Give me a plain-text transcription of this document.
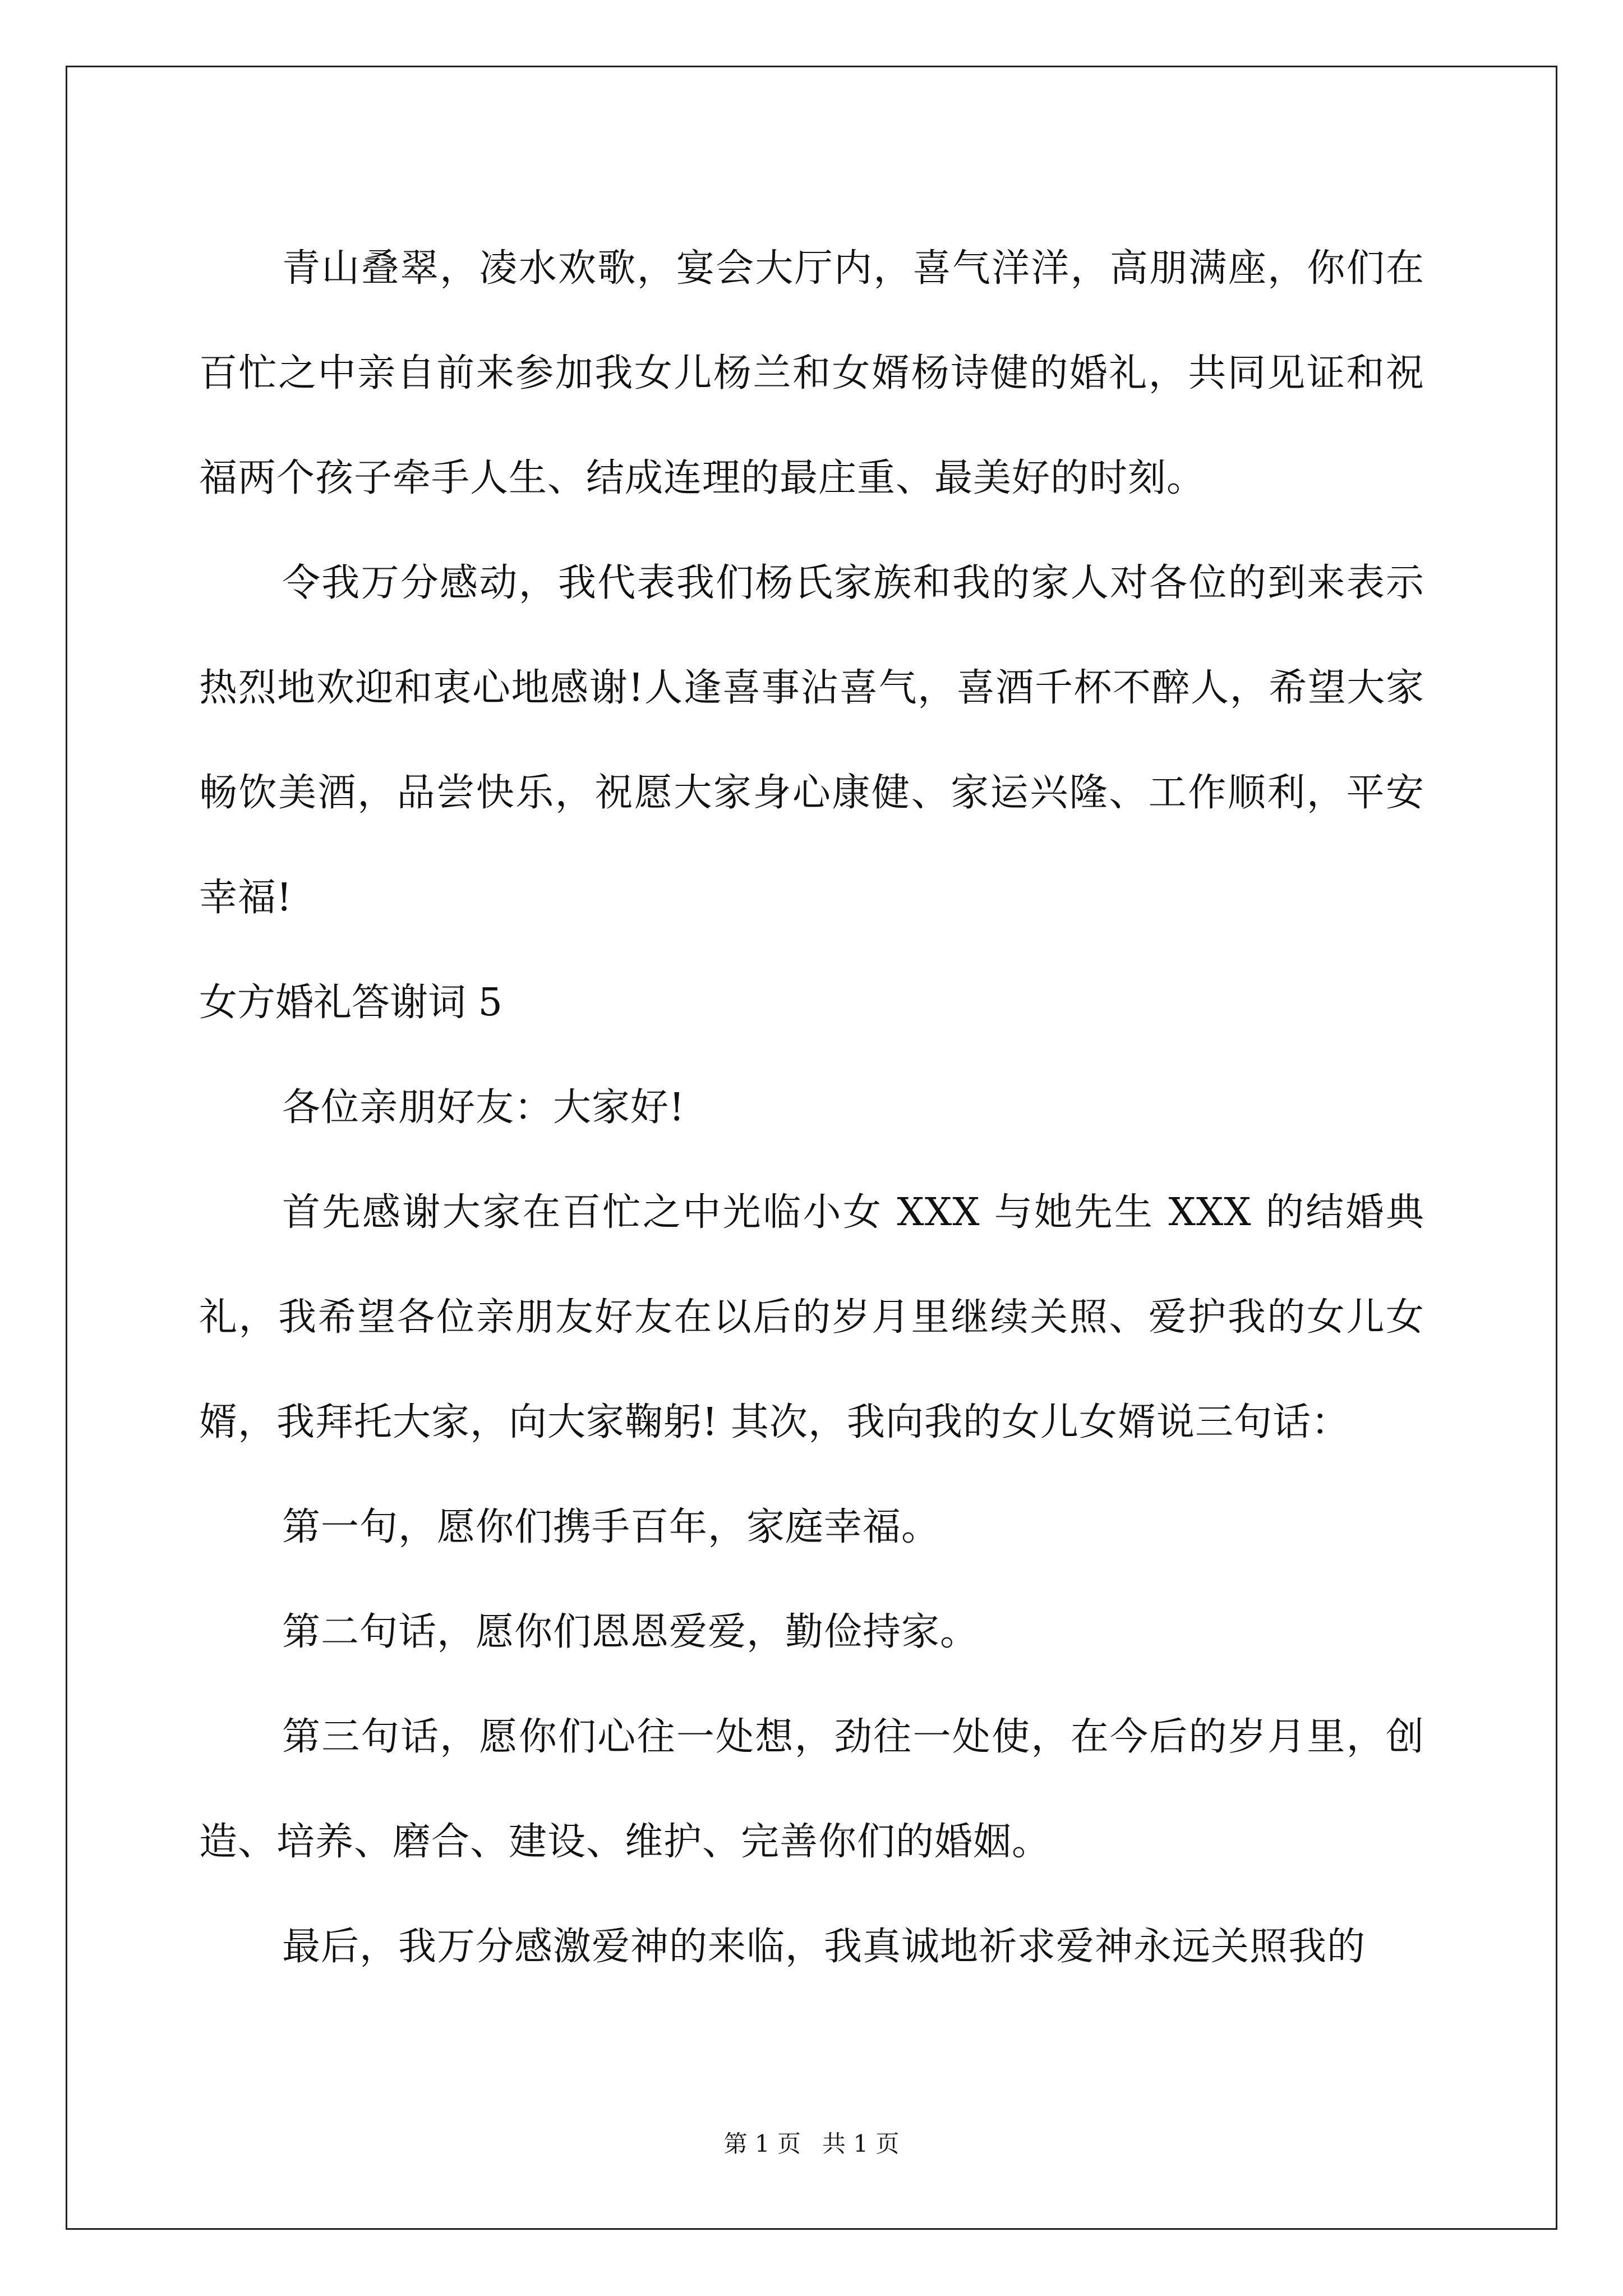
青山叠翠，凌水欢歌，宴会大厅内，喜气洋洋，高朋满座，你们在百忙之中亲自前来参加我女儿杨兰和女婿杨诗健的婚礼，共同见证和祝福两个孩子牵手人生、结成连理的最庄重、最美好的时刻。

令我万分感动，我代表我们杨氏家族和我的家人对各位的到来表示热烈地欢迎和衷心地感谢!人逢喜事沾喜气，喜酒千杯不醉人，希望大家畅饮美酒，品尝快乐，祝愿大家身心康健、家运兴隆、工作顺利，平安幸福!

女方婚礼答谢词 5

各位亲朋好友：大家好!

首先感谢大家在百忙之中光临小女 XXX 与她先生 XXX 的结婚典礼，我希望各位亲朋友好友在以后的岁月里继续关照、爱护我的女儿女婿，我拜托大家，向大家鞠躬! 其次，我向我的女儿女婿说三句话：

第一句，愿你们携手百年，家庭幸福。

第二句话，愿你们恩恩爱爱，勤俭持家。

第三句话，愿你们心往一处想，劲往一处使，在今后的岁月里，创造、培养、磨合、建设、维护、完善你们的婚姻。

最后，我万分感激爱神的来临，我真诚地祈求爱神永远关照我的

第 1 页 共 1 页
